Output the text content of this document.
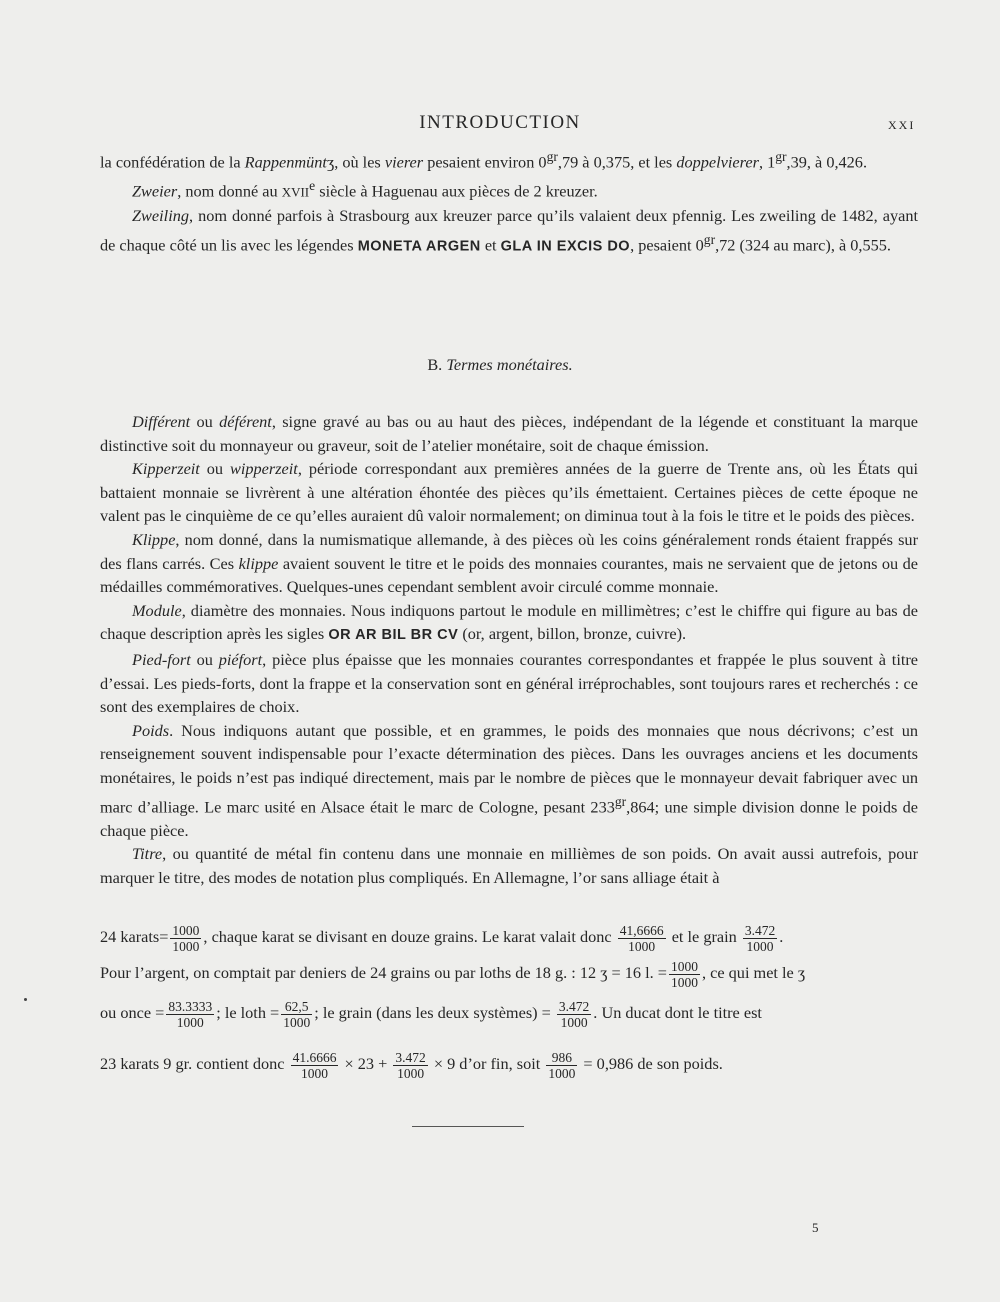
INTRODUCTION	XXI

la confédération de la Rappenmüntʒ, où les vierer pesaient environ $0^{gr},79$ à 0,375, et les doppelvierer, $1^{gr},39$, à 0,426.

Zweier, nom donné au XVIIe siècle à Haguenau aux pièces de 2 kreuzer.

Zweiling, nom donné parfois à Strasbourg aux kreuzer parce qu’ils valaient deux pfennig. Les zweiling de 1482, ayant de chaque côté un lis avec les légendes MONETA ARGEN et GLA IN EXCIS DO, pesaient $0^{gr},72$ (324 au marc), à 0,555.

B. Termes monétaires.

Différent ou déférent, signe gravé au bas ou au haut des pièces, indépendant de la légende et constituant la marque distinctive soit du monnayeur ou graveur, soit de l’atelier monétaire, soit de chaque émission.

Kipperzeit ou wipperzeit, période correspondant aux premières années de la guerre de Trente ans, où les États qui battaient monnaie se livrèrent à une altération éhontée des pièces qu’ils émettaient. Certaines pièces de cette époque ne valent pas le cinquième de ce qu’elles auraient dû valoir normalement; on diminua tout à la fois le titre et le poids des pièces.

Klippe, nom donné, dans la numismatique allemande, à des pièces où les coins généralement ronds étaient frappés sur des flans carrés. Ces klippe avaient souvent le titre et le poids des monnaies courantes, mais ne servaient que de jetons ou de médailles commémoratives. Quelques-unes cependant semblent avoir circulé comme monnaie.

Module, diamètre des monnaies. Nous indiquons partout le module en millimètres; c’est le chiffre qui figure au bas de chaque description après les sigles OR AR BIL BR CV (or, argent, billon, bronze, cuivre).

Pied-fort ou piéfort, pièce plus épaisse que les monnaies courantes correspondantes et frappée le plus souvent à titre d’essai. Les pieds-forts, dont la frappe et la conservation sont en général irréprochables, sont toujours rares et recherchés : ce sont des exemplaires de choix.

Poids. Nous indiquons autant que possible, et en grammes, le poids des monnaies que nous décrivons; c’est un renseignement souvent indispensable pour l’exacte détermination des pièces. Dans les ouvrages anciens et les documents monétaires, le poids n’est pas indiqué directement, mais par le nombre de pièces que le monnayeur devait fabriquer avec un marc d’alliage. Le marc usité en Alsace était le marc de Cologne, pesant $233^{gr},864$; une simple division donne le poids de chaque pièce.

Titre, ou quantité de métal fin contenu dans une monnaie en millièmes de son poids. On avait aussi autrefois, pour marquer le titre, des modes de notation plus compliqués. En Allemagne, l’or sans alliage était à

24 karats= $\frac{1000}{1000}$ , chaque karat se divisant en douze grains. Le karat valait donc $\frac{41,6666}{1000}$ et le grain $\frac{3.472}{1000}$ .
Pour l’argent, on comptait par deniers de 24 grains ou par loths de 18 g. : 12 ʒ = 16 l. = $\frac{1000}{1000}$ , ce qui met le ʒ
ou once = $\frac{83.3333}{1000}$ ; le loth = $\frac{62,5}{1000}$ ; le grain (dans les deux systèmes) = $\frac{3.472}{1000}$ . Un ducat dont le titre est
23 karats 9 gr. contient donc $\frac{41.6666}{1000} \times 23 + \frac{3.472}{1000} \times 9$ d’or fin, soit $\frac{986}{1000} = 0,986$ de son poids.
5
